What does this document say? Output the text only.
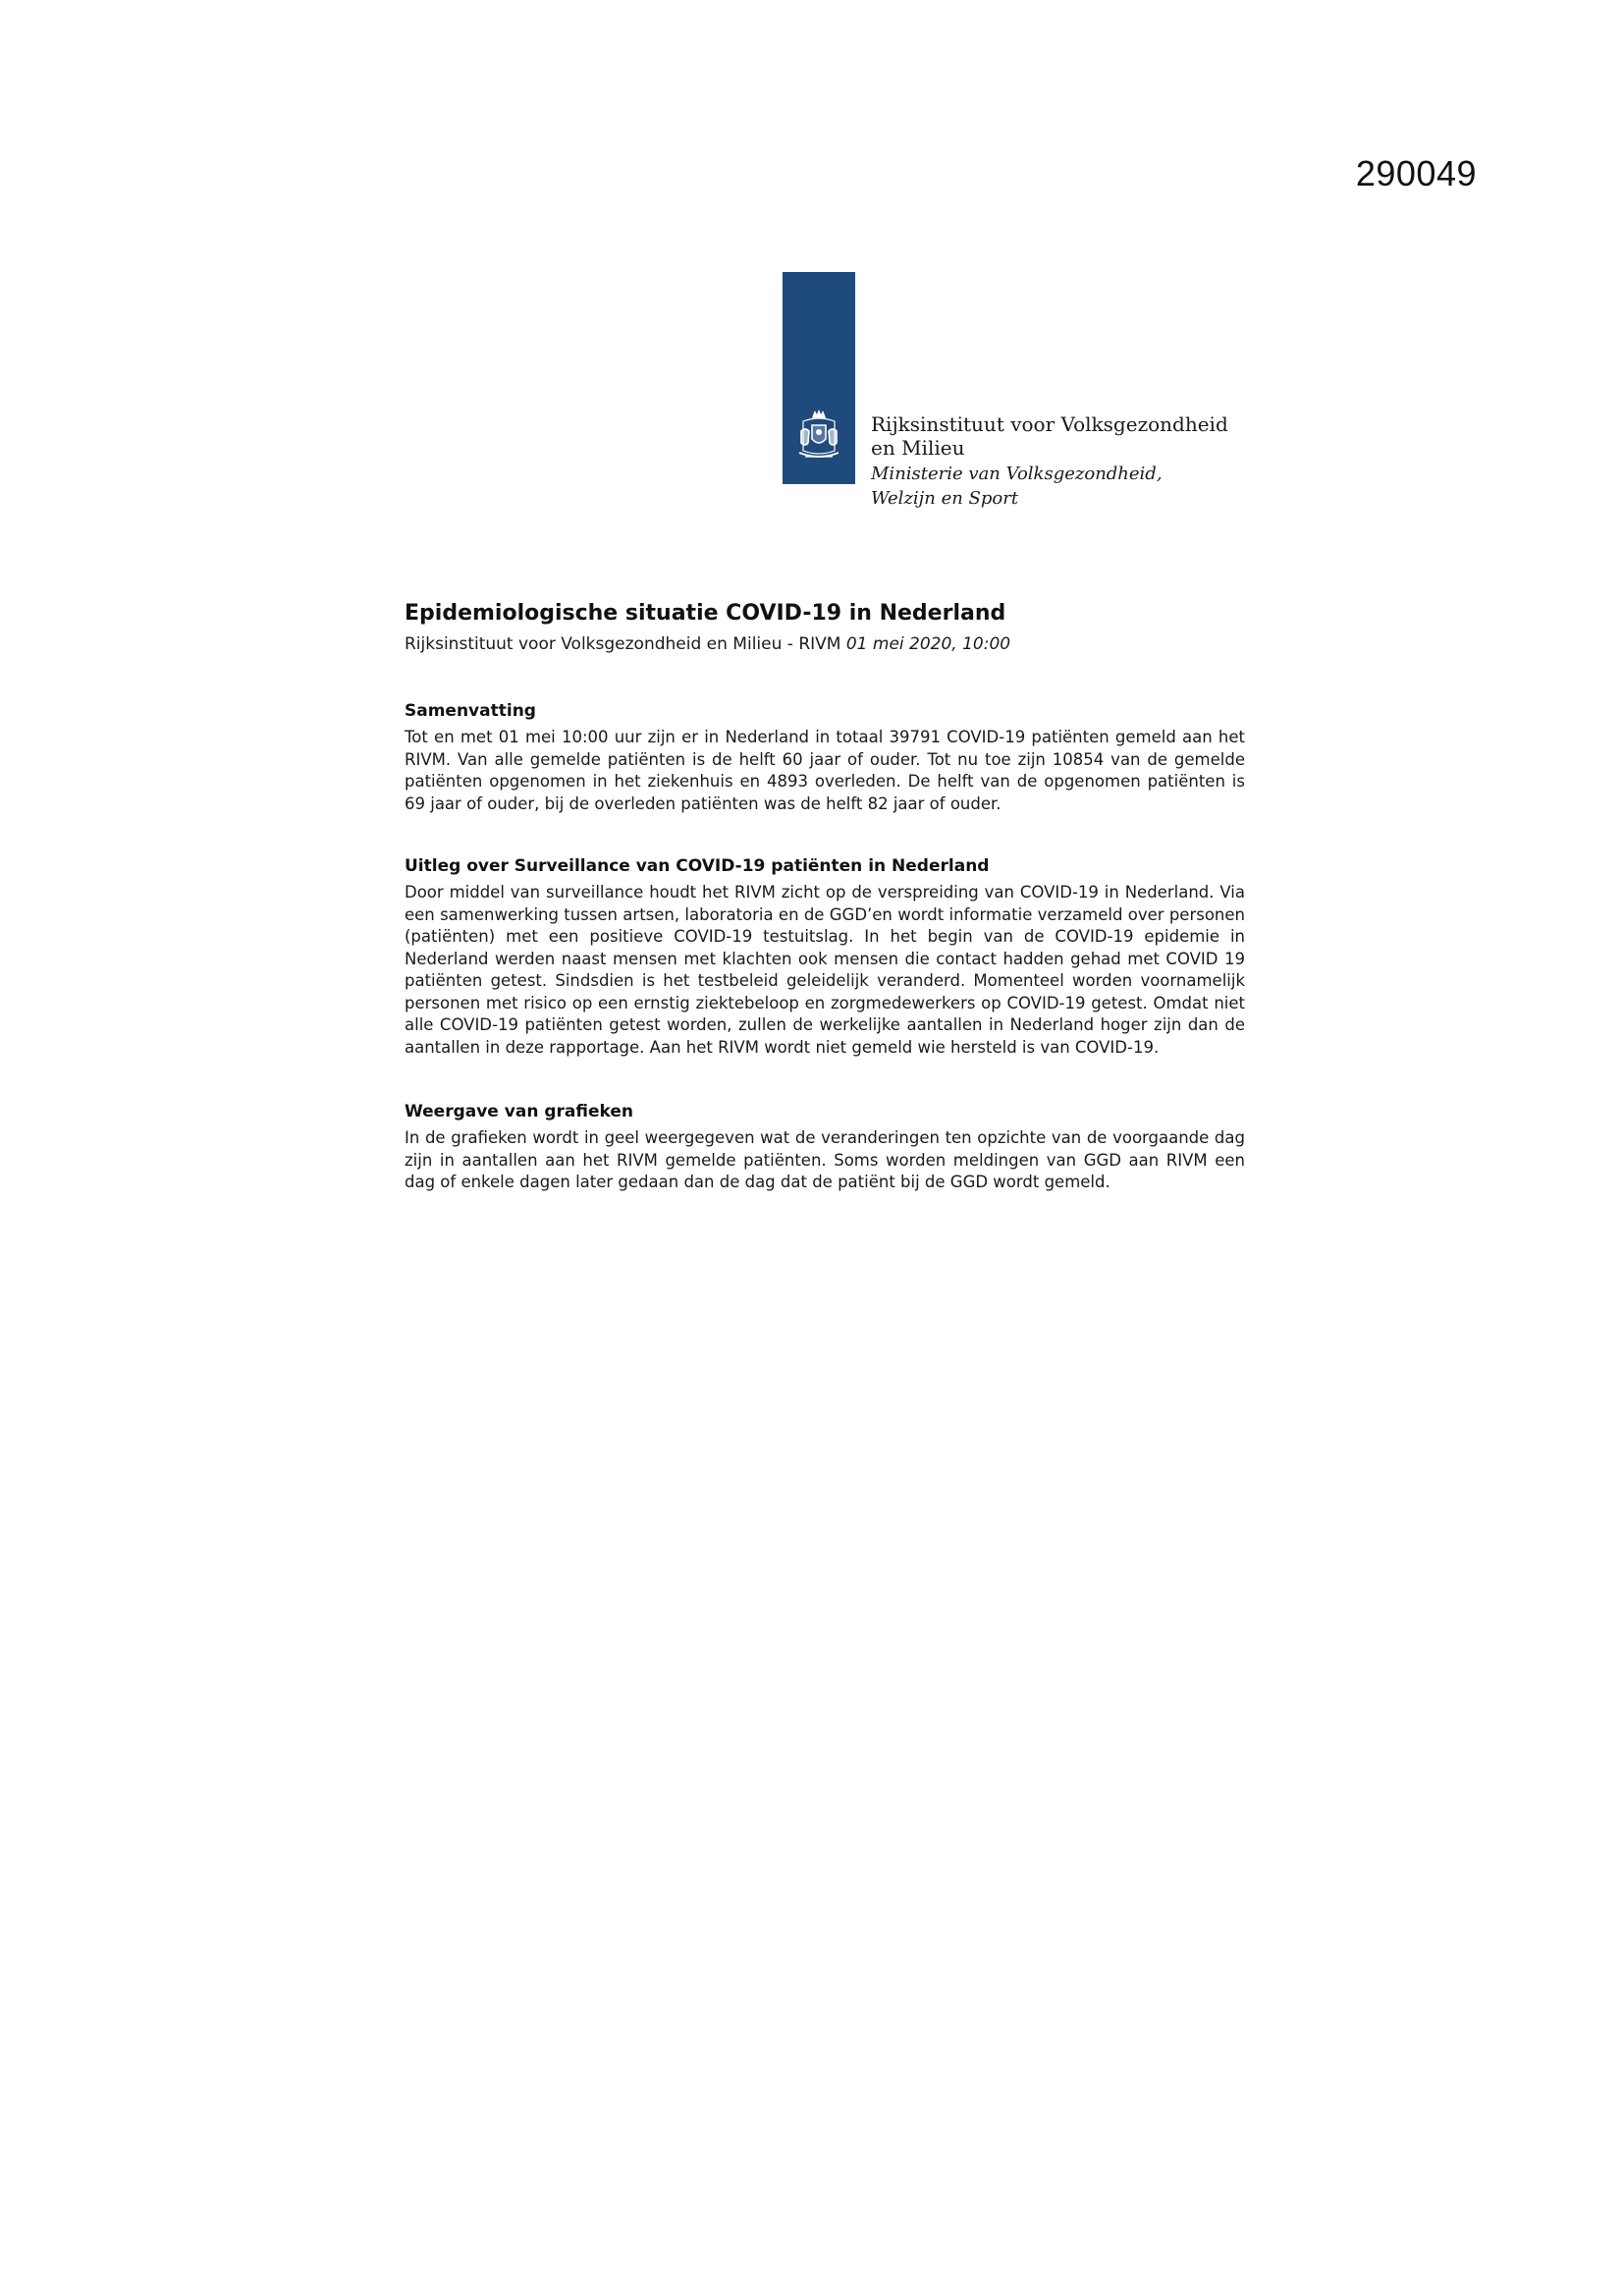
290049
Rijksinstituut voor Volksgezondheid
en Milieu
Ministerie van Volksgezondheid,
Welzijn en Sport
Epidemiologische situatie COVID-19 in Nederland

Rijksinstituut voor Volksgezondheid en Milieu - RIVM 01 mei 2020, 10:00

Samenvatting

Tot en met 01 mei 10:00 uur zijn er in Nederland in totaal 39791 COVID-19 patiënten gemeld aan het RIVM. Van alle gemelde patiënten is de helft 60 jaar of ouder. Tot nu toe zijn 10854 van de gemelde patiënten opgenomen in het ziekenhuis en 4893 overleden. De helft van de opgenomen patiënten is 69 jaar of ouder, bij de overleden patiënten was de helft 82 jaar of ouder.

Uitleg over Surveillance van COVID-19 patiënten in Nederland

Door middel van surveillance houdt het RIVM zicht op de verspreiding van COVID-19 in Nederland. Via een samenwerking tussen artsen, laboratoria en de GGD’en wordt informatie verzameld over personen (patiënten) met een positieve COVID-19 testuitslag. In het begin van de COVID-19 epidemie in Nederland werden naast mensen met klachten ook mensen die contact hadden gehad met COVID 19 patiënten getest. Sindsdien is het testbeleid geleidelijk veranderd. Momenteel worden voornamelijk personen met risico op een ernstig ziektebeloop en zorgmedewerkers op COVID-19 getest. Omdat niet alle COVID-19 patiënten getest worden, zullen de werkelijke aantallen in Nederland hoger zijn dan de aantallen in deze rapportage. Aan het RIVM wordt niet gemeld wie hersteld is van COVID-19.

Weergave van grafieken

In de grafieken wordt in geel weergegeven wat de veranderingen ten opzichte van de voorgaande dag zijn in aantallen aan het RIVM gemelde patiënten. Soms worden meldingen van GGD aan RIVM een dag of enkele dagen later gedaan dan de dag dat de patiënt bij de GGD wordt gemeld.
